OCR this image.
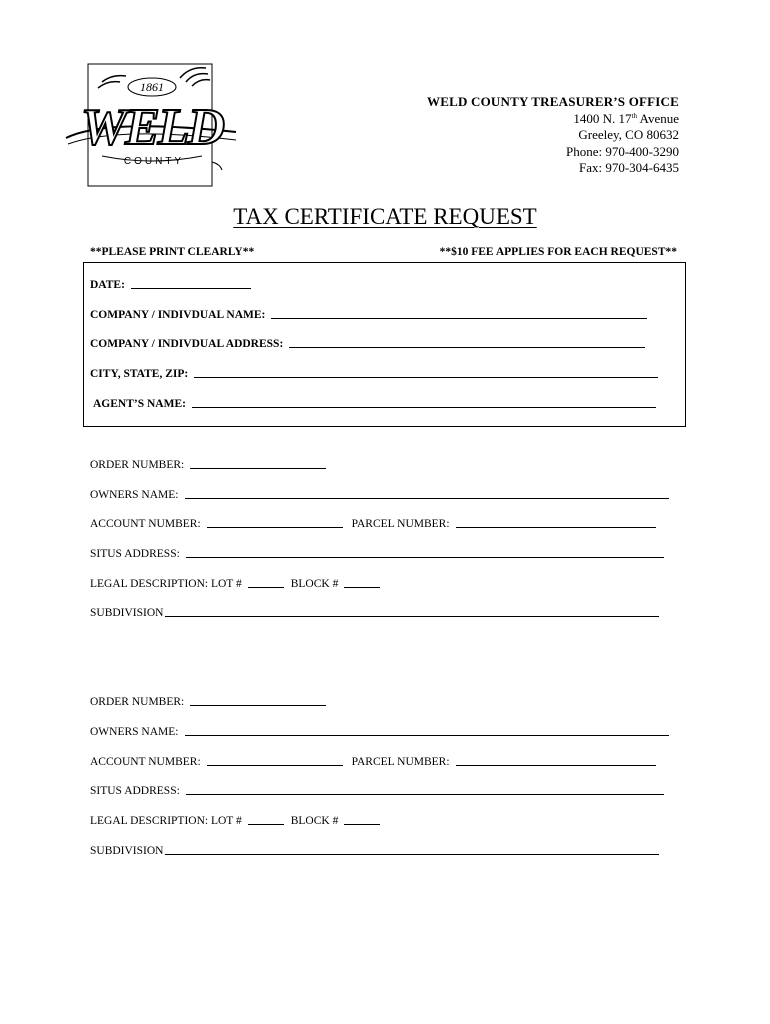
1861
WELD
COUNTY
WELD COUNTY TREASURER’S OFFICE
1400 N. 17th Avenue
Greeley, CO 80632
Phone: 970-400-3290
Fax: 970-304-6435
TAX CERTIFICATE REQUEST
**PLEASE PRINT CLEARLY**	**$10 FEE APPLIES FOR EACH REQUEST**
DATE:
COMPANY / INDIVDUAL NAME:
COMPANY / INDIVDUAL ADDRESS:
CITY, STATE, ZIP:
AGENT’S NAME:
ORDER NUMBER:
OWNERS NAME:
ACCOUNT NUMBER:	PARCEL NUMBER:
SITUS ADDRESS:
LEGAL DESCRIPTION: LOT #	BLOCK #
SUBDIVISION
ORDER NUMBER:
OWNERS NAME:
ACCOUNT NUMBER:	PARCEL NUMBER:
SITUS ADDRESS:
LEGAL DESCRIPTION: LOT #	BLOCK #
SUBDIVISION
